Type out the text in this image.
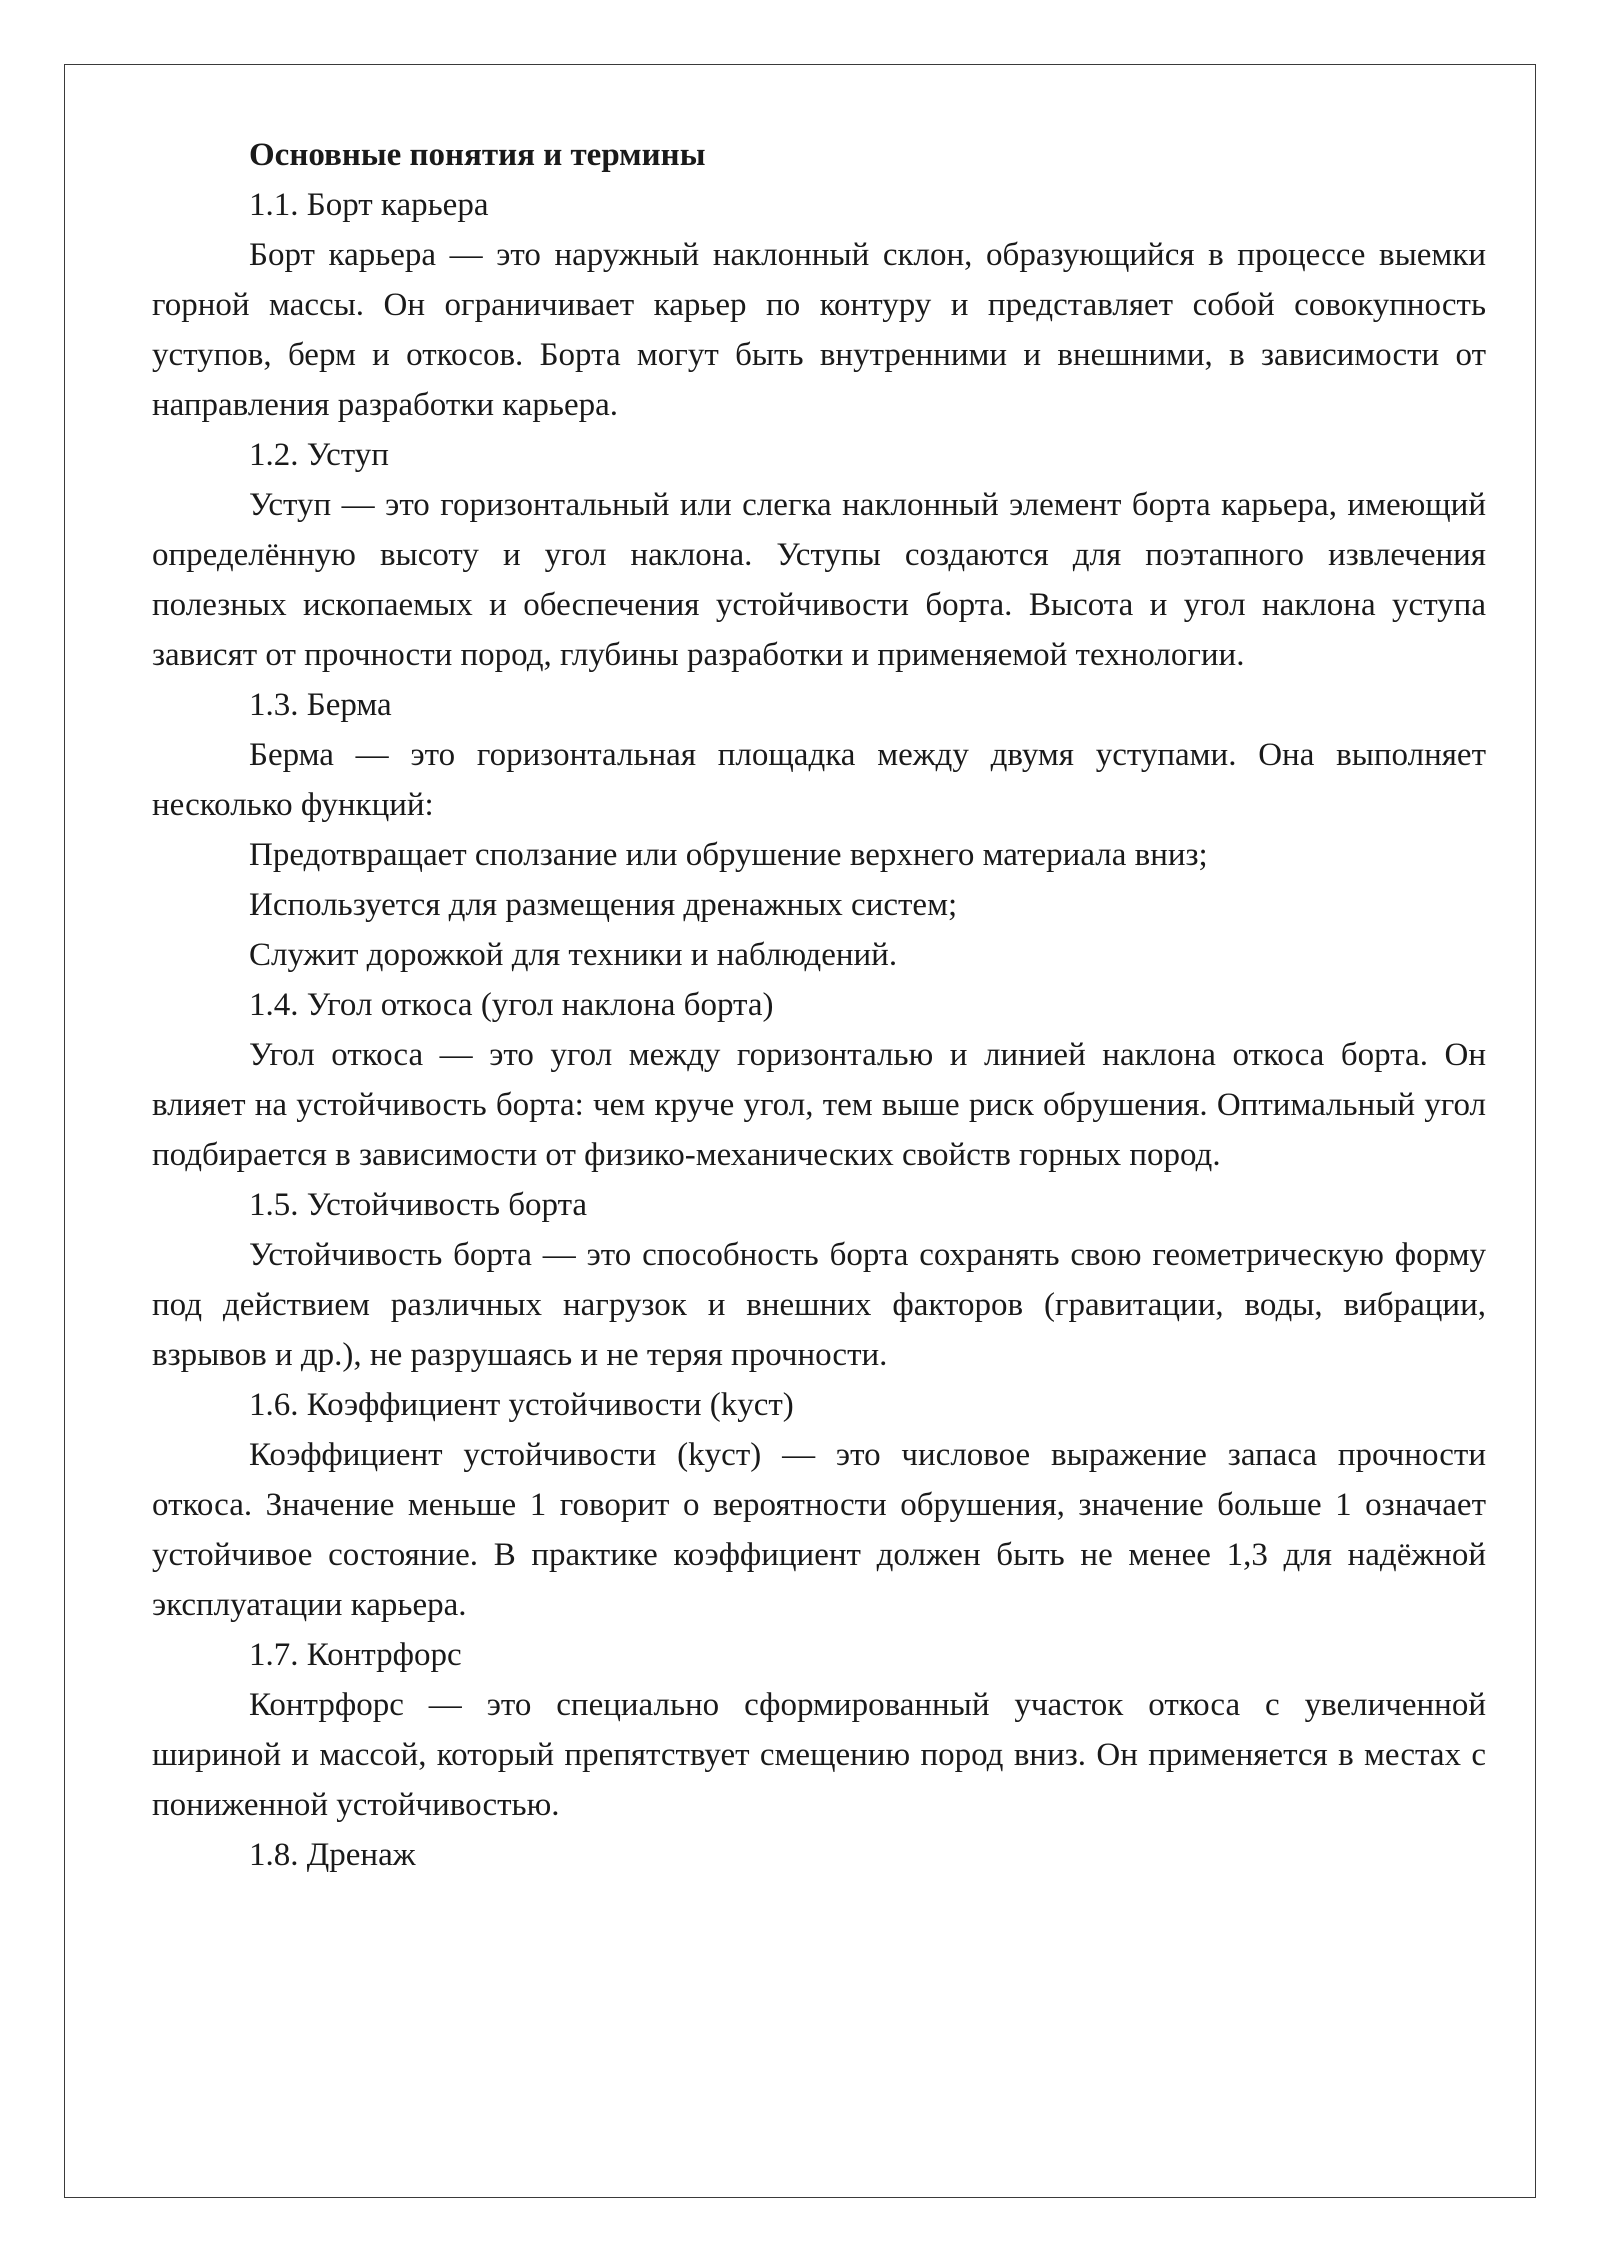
Основные понятия и термины

1.1. Борт карьера

Борт карьера — это наружный наклонный склон, образующийся в процессе выемки горной массы. Он ограничивает карьер по контуру и представляет собой совокупность уступов, берм и откосов. Борта могут быть внутренними и внешними, в зависимости от направления разработки карьера.

1.2. Уступ

Уступ — это горизонтальный или слегка наклонный элемент борта карьера, имеющий определённую высоту и угол наклона. Уступы создаются для поэтапного извлечения полезных ископаемых и обеспечения устойчивости борта. Высота и угол наклона уступа зависят от прочности пород, глубины разработки и применяемой технологии.

1.3. Берма

Берма — это горизонтальная площадка между двумя уступами. Она выполняет несколько функций:

Предотвращает сползание или обрушение верхнего материала вниз;

Используется для размещения дренажных систем;

Служит дорожкой для техники и наблюдений.

1.4. Угол откоса (угол наклона борта)

Угол откоса — это угол между горизонталью и линией наклона откоса борта. Он влияет на устойчивость борта: чем круче угол, тем выше риск обрушения. Оптимальный угол подбирается в зависимости от физико-механических свойств горных пород.

1.5. Устойчивость борта

Устойчивость борта — это способность борта сохранять свою геометрическую форму под действием различных нагрузок и внешних факторов (гравитации, воды, вибрации, взрывов и др.), не разрушаясь и не теряя прочности.

1.6. Коэффициент устойчивости (kуст)

Коэффициент устойчивости (kуст) — это числовое выражение запаса прочности откоса. Значение меньше 1 говорит о вероятности обрушения, значение больше 1 означает устойчивое состояние. В практике коэффициент должен быть не менее 1,3 для надёжной эксплуатации карьера.

1.7. Контрфорс

Контрфорс — это специально сформированный участок откоса с увеличенной шириной и массой, который препятствует смещению пород вниз. Он применяется в местах с пониженной устойчивостью.

1.8. Дренаж
